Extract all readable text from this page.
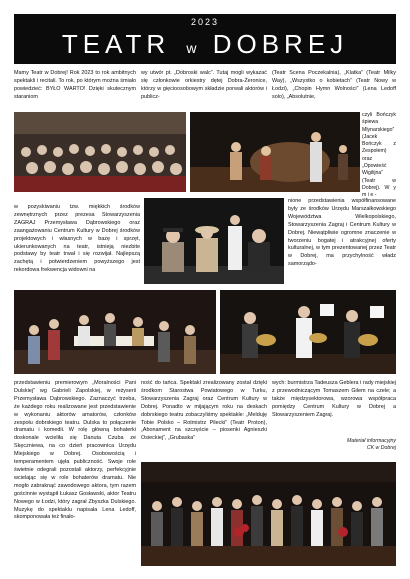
2023
TEATR w DOBREJ
Mamy Teatr w Dobrej! Rok 2023 to rok ambitnych spektakli i recitali. To rok, po którym można śmiało powiedzieć: BYŁO WARTO! Dzięki skutecznym staraniom
wy utwór pt. „Dobroski walc”. Tutaj mogli wykazać się członkowie orkiestry dętej Dobra-Żeronice, którzy w gięcioosobowym składzie porwali aktorów i publicz-
(Teatr Scena Poczekalnia), „Klatka” (Teatr Milky Way), „Wszystko o kobietach” (Teatr Nowy w Łodzi), „Chopin Hymn Wolności” (Lena Ledoff solo), „Absolutnie,
czyli Bończyk śpiewa Młynarskiego” (Jacek Bończyk z Zespołem) oraz „Opowieść Wigilijna” (Teatr w Dobrej). W y m i e -
w pozyskiwaniu tzw. miękkich środków zewnętrznych przez prezesa Stowarzyszenia ZAGRAJ Przemysława Dąbrowskiego oraz zaangażowaniu Centrum Kultury w Dobrej środków projektowych i własnych w bazę i sprzęt, ukierunkowanych na teatr, istnieją niezbite podstawy by teatr trwał i się rozwijał. Najlepszą zachętą i potwierdzeniem powyższego jest rekordowa frekwencja widowni na
nione przedstawienia współfinansowane były ze środków Urzędu Marszałkowskiego Województwa Wielkopolskiego, Stowarzyszenia Zagraj i Centrum Kultury w Dobrej. Niewątpliwie ogromne znaczenie w tworzeniu bogatej i atrakcyjnej oferty kulturalnej, w tym prezentowanej przez Teatr w Dobrej, ma przychylność władz samorządo-
przedstawieniu premierowym „Moralności Pani Dulskiej” wg Gabrieli Zapolskiej, w reżyserii Przemysława Dąbrowskiego. Zaznaczyć trzeba, że każdego roku realizowane jest przedstawienie w wykonaniu aktorów amatorów, członków zespołu dobrskiego teatru. Dulska to połączenie dramatu i komedii. W rolę główną bohaterki doskonale wcieliła się Danuta Czuba ze Skęczniewa, na co dzień pracownica Urzędu Miejskiego w Dobrej. Osobowością i temperamentem ujęła publiczność. Swoje role świetnie odegrali pozostali aktorzy, perfekcyjnie wcielając się w role bohaterów dramatu. Nie mogło zabraknąć zawodowego aktora, tym razem gościnnie wystąpił Łukasz Gosławski, aktor Teatru Nowego w Łodzi, który zagrał Zbyszka Dulskiego. Muzykę do spektaklu napisała Lena Ledoff, skomponowała też finało-
ność do tańca. Spektakl zrealizowany został dzięki środkom Starostwa Powiatowego w Turku, Stowarzyszenia Zagraj oraz Centrum Kultury w Dobrej. Ponadto w mijającym roku na deskach dobrskiego teatru zobaczyliśmy spektakle: „Melduję Tobie Polsko – Rotmistrz Pilecki” (Teatr Proton), „Abonament na szczęście – piosenki Agnieszki Osieckiej”, „Grubaska”
wych: burmistrza Tadeusza Geblera i rady miejskiej z przewodniczącym Tomaszem Gilem na czele; a także międzysektorowa, wzorowa współpraca pomiędzy Centrum Kultury w Dobrej a Stowarzyszeniem Zagraj.
Materiał informacyjny
CK w Dobrej
